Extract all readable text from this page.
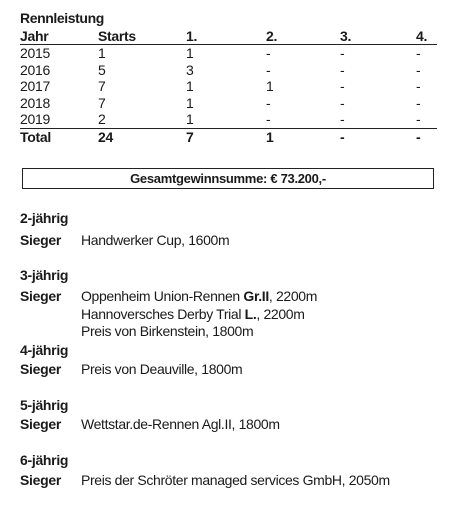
Rennleistung
Jahr	Starts	1.	2.	3.	4.
2015	1	1	-	-	-
2016	5	3	-	-	-
2017	7	1	1	-	-
2018	7	1	-	-	-
2019	2	1	-	-	-
Total	24	7	1	-	-
Gesamtgewinnsumme: € 73.200,-
2-jährig
Sieger Handwerker Cup, 1600m
3-jährig
Sieger Oppenheim Union-Rennen Gr.II, 2200m
Hannoversches Derby Trial L., 2200m
Preis von Birkenstein, 1800m
4-jährig
Sieger Preis von Deauville, 1800m
5-jährig
Sieger Wettstar.de-Rennen Agl.II, 1800m
6-jährig
Sieger Preis der Schröter managed services GmbH, 2050m
